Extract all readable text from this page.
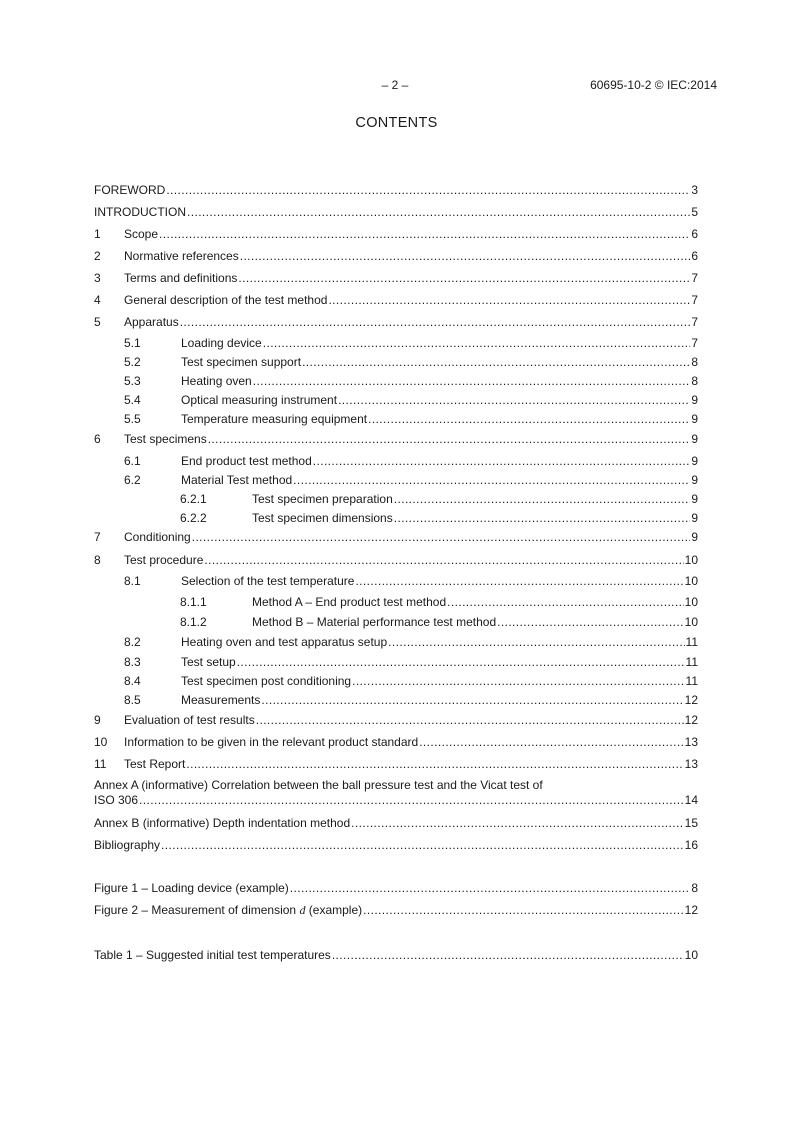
– 2 –	60695-10-2 © IEC:2014
CONTENTS
FOREWORD .....	3
INTRODUCTION .....	5
1	Scope .....	6
2	Normative references .....	6
3	Terms and definitions .....	7
4	General description of the test method .....	7
5	Apparatus .....	7
5.1	Loading device .....	7
5.2	Test specimen support .....	8
5.3	Heating oven .....	8
5.4	Optical measuring instrument .....	9
5.5	Temperature measuring equipment .....	9
6	Test specimens .....	9
6.1	End product test method .....	9
6.2	Material Test method .....	9
6.2.1	Test specimen preparation .....	9
6.2.2	Test specimen dimensions .....	9
7	Conditioning .....	9
8	Test procedure .....	10
8.1	Selection of the test temperature .....	10
8.1.1	Method A – End product test method .....	10
8.1.2	Method B – Material performance test method .....	10
8.2	Heating oven and test apparatus setup .....	11
8.3	Test setup .....	11
8.4	Test specimen post conditioning .....	11
8.5	Measurements .....	12
9	Evaluation of test results .....	12
10	Information to be given in the relevant product standard .....	13
11	Test Report .....	13
Annex A (informative) Correlation between the ball pressure test and the Vicat test of
ISO 306 .....	14
Annex B (informative) Depth indentation method .....	15
Bibliography .....	16
Figure 1 – Loading device (example) .....	8
Figure 2 – Measurement of dimension d (example) .....	12
Table 1 – Suggested initial test temperatures .....	10
